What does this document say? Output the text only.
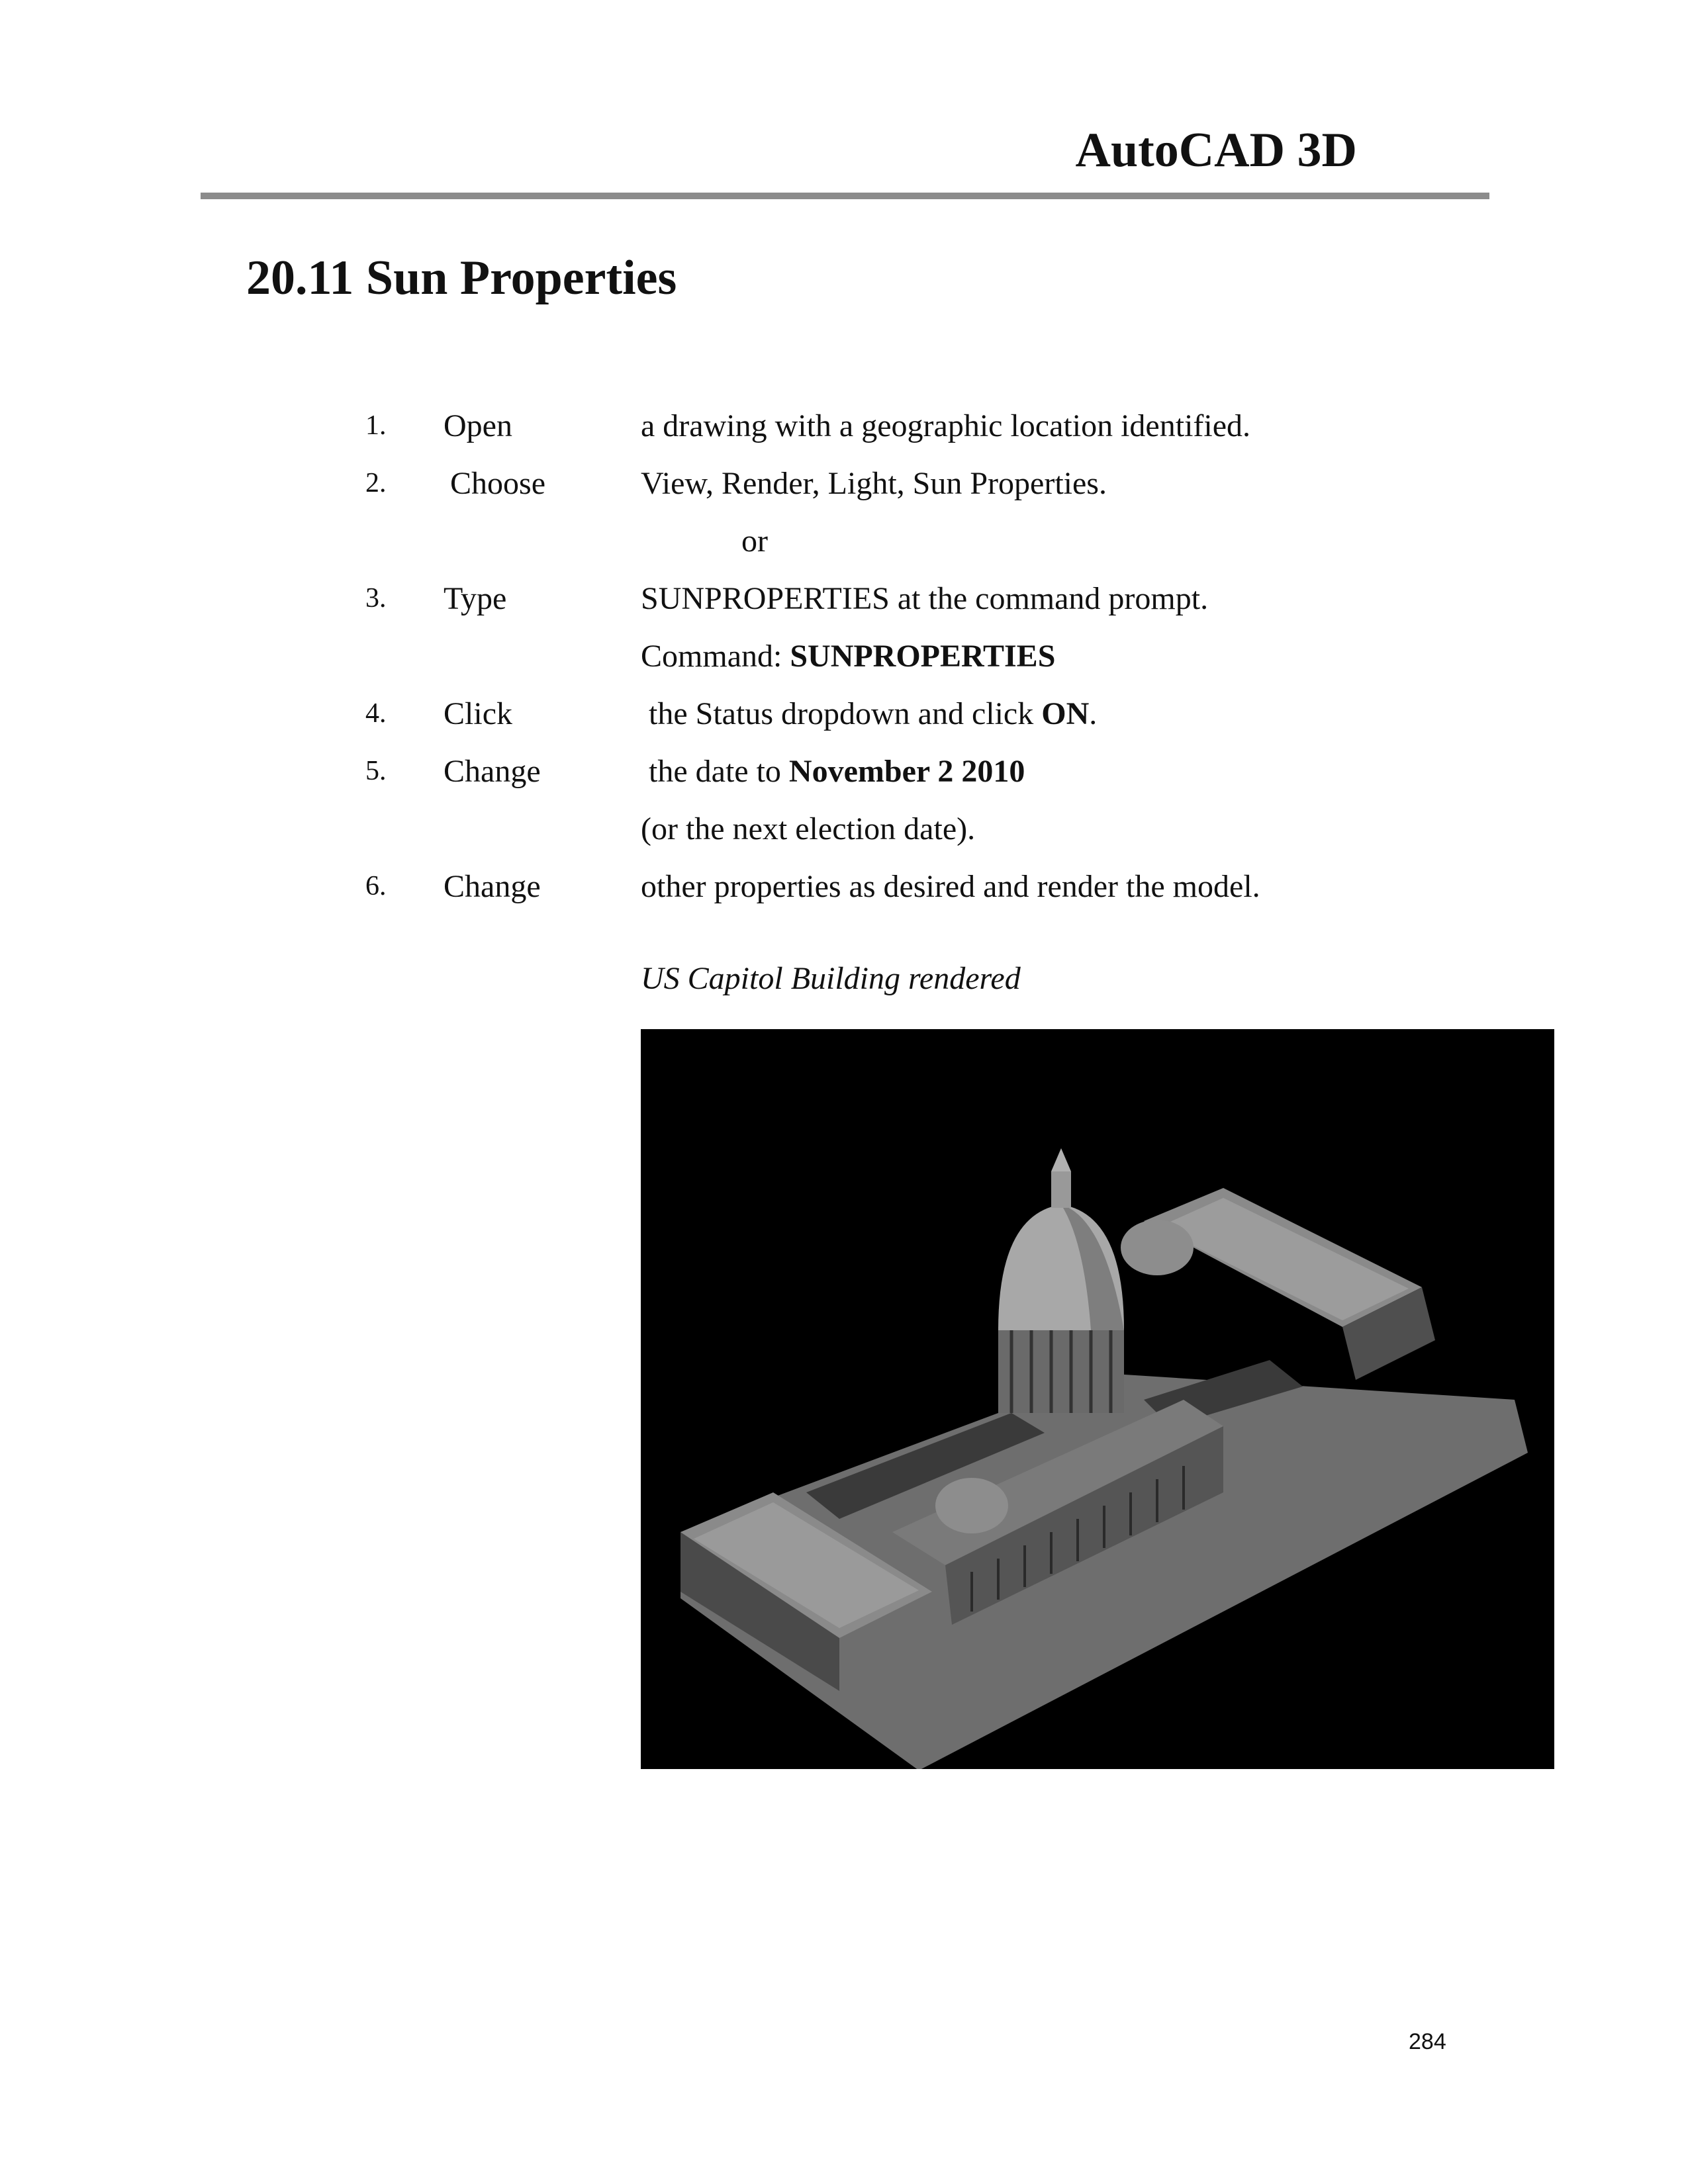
AutoCAD 3D
20.11 Sun Properties
1. Open	a drawing with a geographic location identified.
2. Choose	View, Render, Light, Sun Properties.
or
3. Type	SUNPROPERTIES at the command prompt.
Command: SUNPROPERTIES
4. Click	the Status dropdown and click ON.
5. Change	the date to November 2 2010
(or the next election date).
6. Change	other properties as desired and render the model.
US Capitol Building rendered
284
